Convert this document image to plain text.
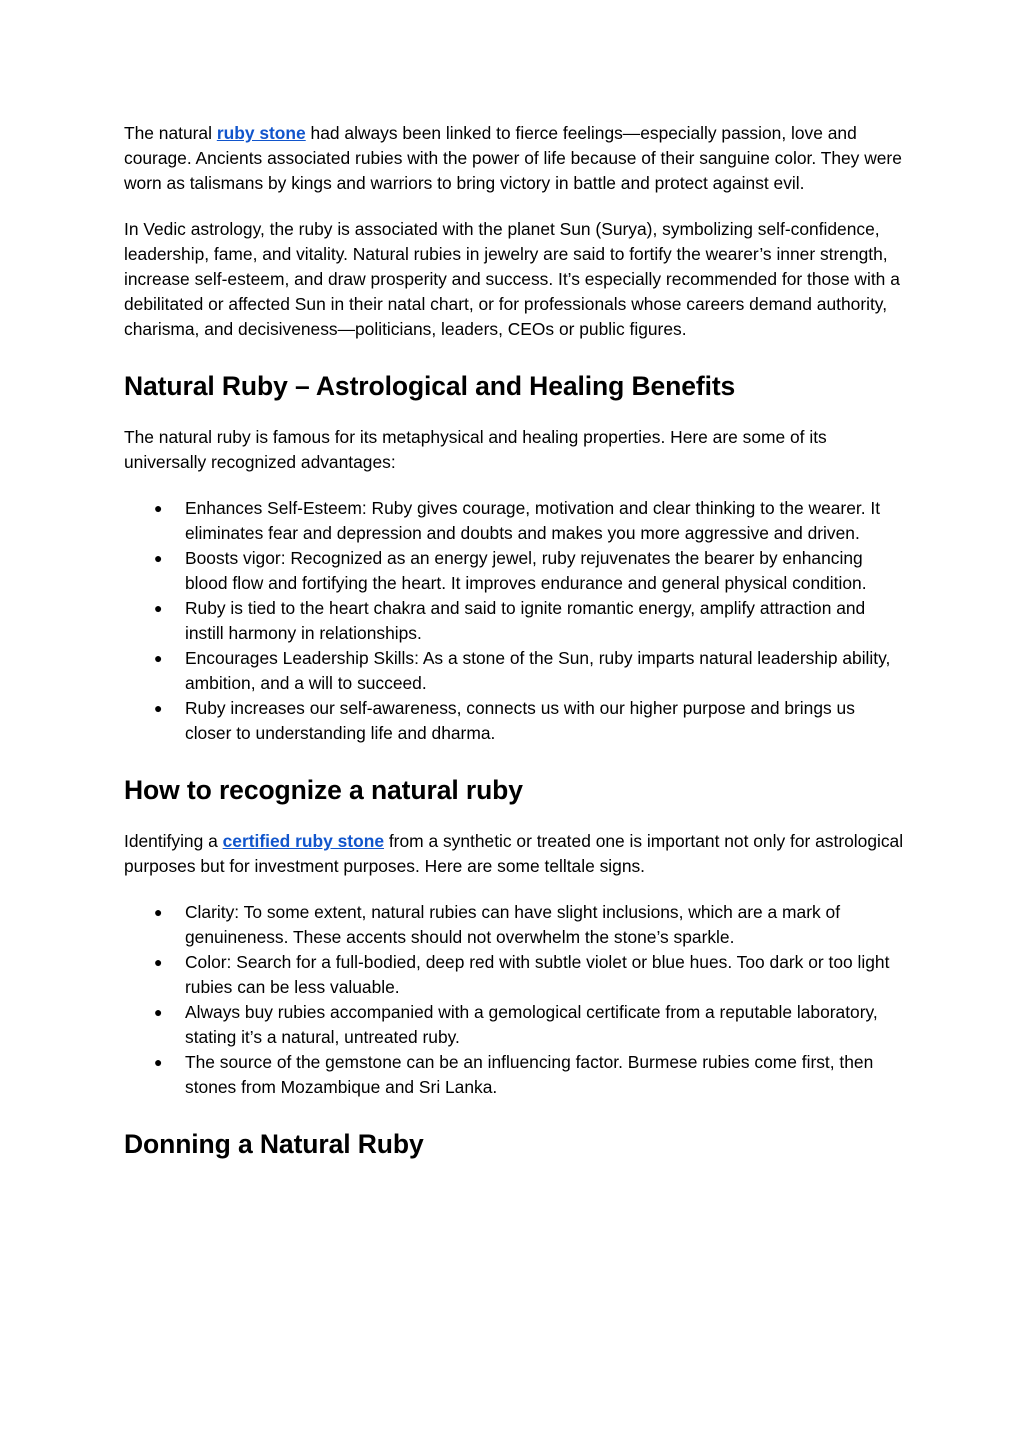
The natural ruby stone had always been linked to fierce feelings—especially passion, love and courage. Ancients associated rubies with the power of life because of their sanguine color. They were worn as talismans by kings and warriors to bring victory in battle and protect against evil.

In Vedic astrology, the ruby is associated with the planet Sun (Surya), symbolizing self-confidence, leadership, fame, and vitality. Natural rubies in jewelry are said to fortify the wearer’s inner strength, increase self-esteem, and draw prosperity and success. It’s especially recommended for those with a debilitated or affected Sun in their natal chart, or for professionals whose careers demand authority, charisma, and decisiveness—politicians, leaders, CEOs or public figures.

Natural Ruby – Astrological and Healing Benefits

The natural ruby is famous for its metaphysical and healing properties. Here are some of its universally recognized advantages:

● Enhances Self-Esteem: Ruby gives courage, motivation and clear thinking to the wearer. It eliminates fear and depression and doubts and makes you more aggressive and driven.
● Boosts vigor: Recognized as an energy jewel, ruby rejuvenates the bearer by enhancing blood flow and fortifying the heart. It improves endurance and general physical condition.
● Ruby is tied to the heart chakra and said to ignite romantic energy, amplify attraction and instill harmony in relationships.
● Encourages Leadership Skills: As a stone of the Sun, ruby imparts natural leadership ability, ambition, and a will to succeed.
● Ruby increases our self-awareness, connects us with our higher purpose and brings us closer to understanding life and dharma.
How to recognize a natural ruby

Identifying a certified ruby stone from a synthetic or treated one is important not only for astrological purposes but for investment purposes. Here are some telltale signs.

● Clarity: To some extent, natural rubies can have slight inclusions, which are a mark of genuineness. These accents should not overwhelm the stone’s sparkle.
● Color: Search for a full-bodied, deep red with subtle violet or blue hues. Too dark or too light rubies can be less valuable.
● Always buy rubies accompanied with a gemological certificate from a reputable laboratory, stating it’s a natural, untreated ruby.
● The source of the gemstone can be an influencing factor. Burmese rubies come first, then stones from Mozambique and Sri Lanka.
Donning a Natural Ruby
